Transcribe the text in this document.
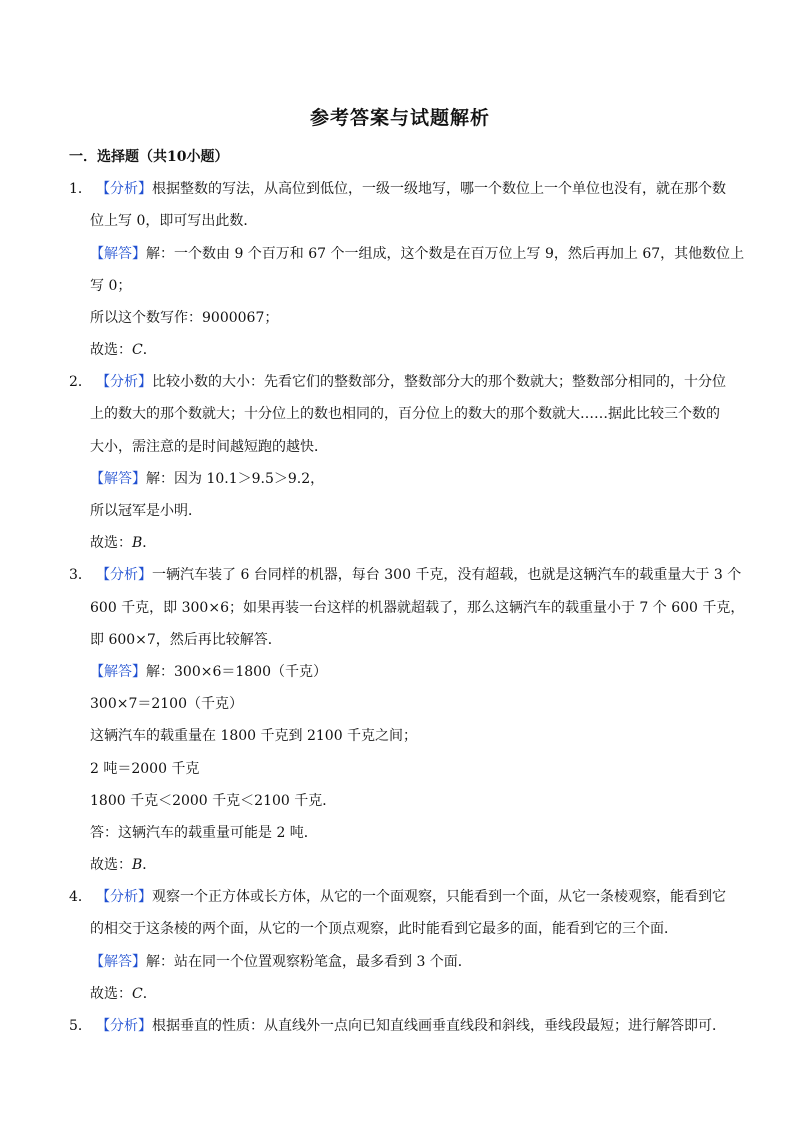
参考答案与试题解析
一．选择题（共10小题）
1． 【分析】根据整数的写法，从高位到低位，一级一级地写，哪一个数位上一个单位也没有，就在那个数
位上写 0，即可写出此数．
【解答】解：一个数由 9 个百万和 67 个一组成，这个数是在百万位上写 9，然后再加上 67，其他数位上
写 0；
所以这个数写作：9000067；
故选：C．
2． 【分析】比较小数的大小：先看它们的整数部分，整数部分大的那个数就大；整数部分相同的，十分位
上的数大的那个数就大；十分位上的数也相同的，百分位上的数大的那个数就大……据此比较三个数的
大小，需注意的是时间越短跑的越快．
【解答】解：因为 10.1＞9.5＞9.2，
所以冠军是小明．
故选：B．
3． 【分析】一辆汽车装了 6 台同样的机器，每台 300 千克，没有超载，也就是这辆汽车的载重量大于 3 个
600 千克，即 300×6；如果再装一台这样的机器就超载了，那么这辆汽车的载重量小于 7 个 600 千克，
即 600×7，然后再比较解答．
【解答】解：300×6＝1800（千克）
300×7＝2100（千克）
这辆汽车的载重量在 1800 千克到 2100 千克之间；
2 吨＝2000 千克
1800 千克＜2000 千克＜2100 千克．
答：这辆汽车的载重量可能是 2 吨．
故选：B．
4． 【分析】观察一个正方体或长方体，从它的一个面观察，只能看到一个面，从它一条棱观察，能看到它
的相交于这条棱的两个面，从它的一个顶点观察，此时能看到它最多的面，能看到它的三个面．
【解答】解：站在同一个位置观察粉笔盒，最多看到 3 个面．
故选：C．
5． 【分析】根据垂直的性质：从直线外一点向已知直线画垂直线段和斜线，垂线段最短；进行解答即可．
